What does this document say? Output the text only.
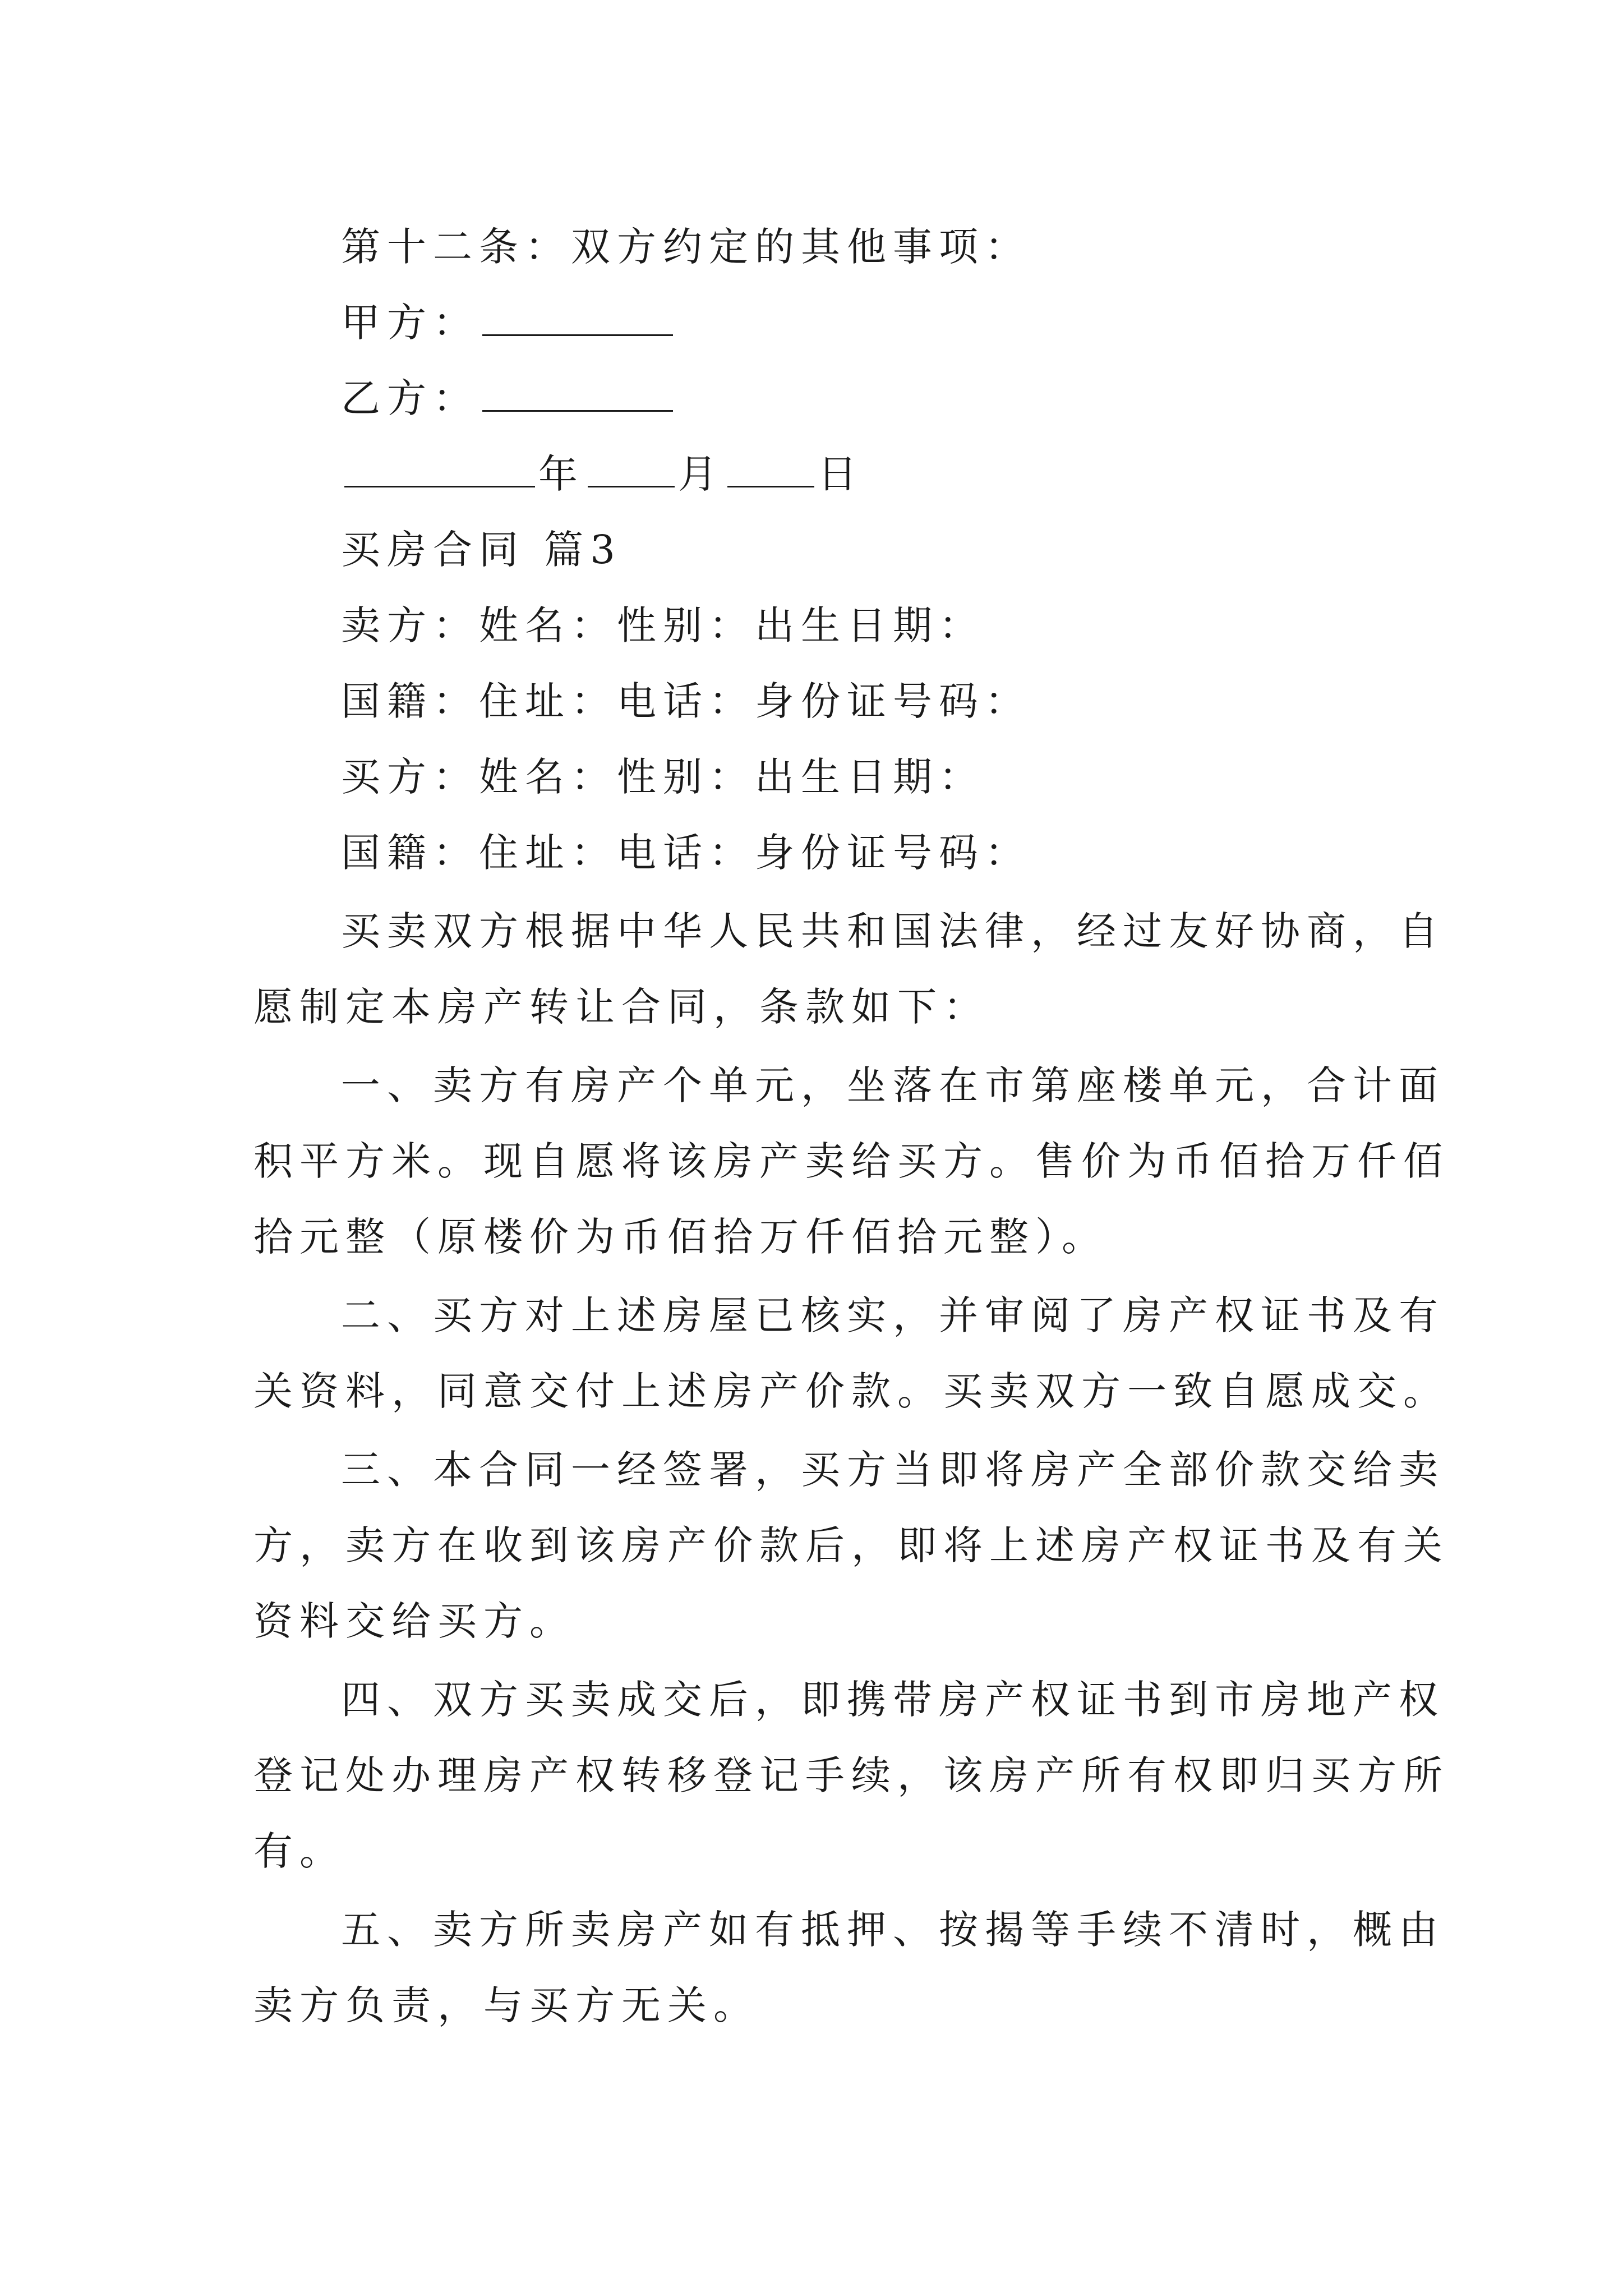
第十二条：双方约定的其他事项：
甲方：
乙方：
年 月 日
买房合同 篇3
卖方：姓名：性别：出生日期：
国籍：住址：电话：身份证号码：
买方：姓名：性别：出生日期：
国籍：住址：电话：身份证号码：
买卖双方根据中华人民共和国法律，经过友好协商，自
愿制定本房产转让合同，条款如下：
一、卖方有房产个单元，坐落在市第座楼单元，合计面
积平方米。现自愿将该房产卖给买方。售价为币佰拾万仟佰
拾元整（原楼价为币佰拾万仟佰拾元整）。
二、买方对上述房屋已核实，并审阅了房产权证书及有
关资料，同意交付上述房产价款。买卖双方一致自愿成交。
三、本合同一经签署，买方当即将房产全部价款交给卖
方，卖方在收到该房产价款后，即将上述房产权证书及有关
资料交给买方。
四、双方买卖成交后，即携带房产权证书到市房地产权
登记处办理房产权转移登记手续，该房产所有权即归买方所
有。
五、卖方所卖房产如有抵押、按揭等手续不清时，概由
卖方负责，与买方无关。
